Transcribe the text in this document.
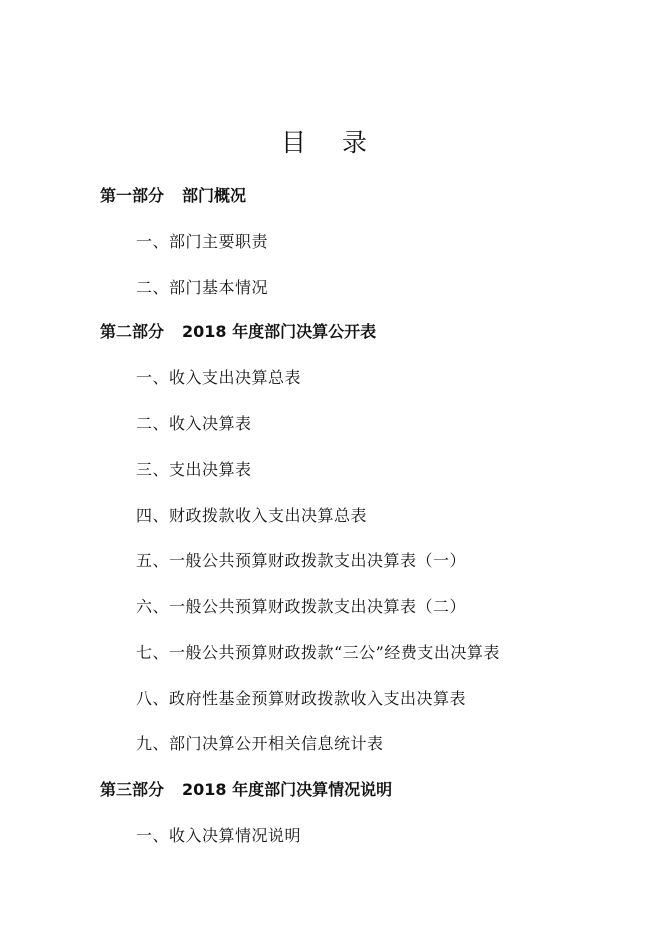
目 录
第一部分 部门概况
一、部门主要职责
二、部门基本情况
第二部分 2018 年度部门决算公开表
一、收入支出决算总表
二、收入决算表
三、支出决算表
四、财政拨款收入支出决算总表
五、一般公共预算财政拨款支出决算表（一）
六、一般公共预算财政拨款支出决算表（二）
七、一般公共预算财政拨款“三公”经费支出决算表
八、政府性基金预算财政拨款收入支出决算表
九、部门决算公开相关信息统计表
第三部分 2018 年度部门决算情况说明
一、收入决算情况说明
